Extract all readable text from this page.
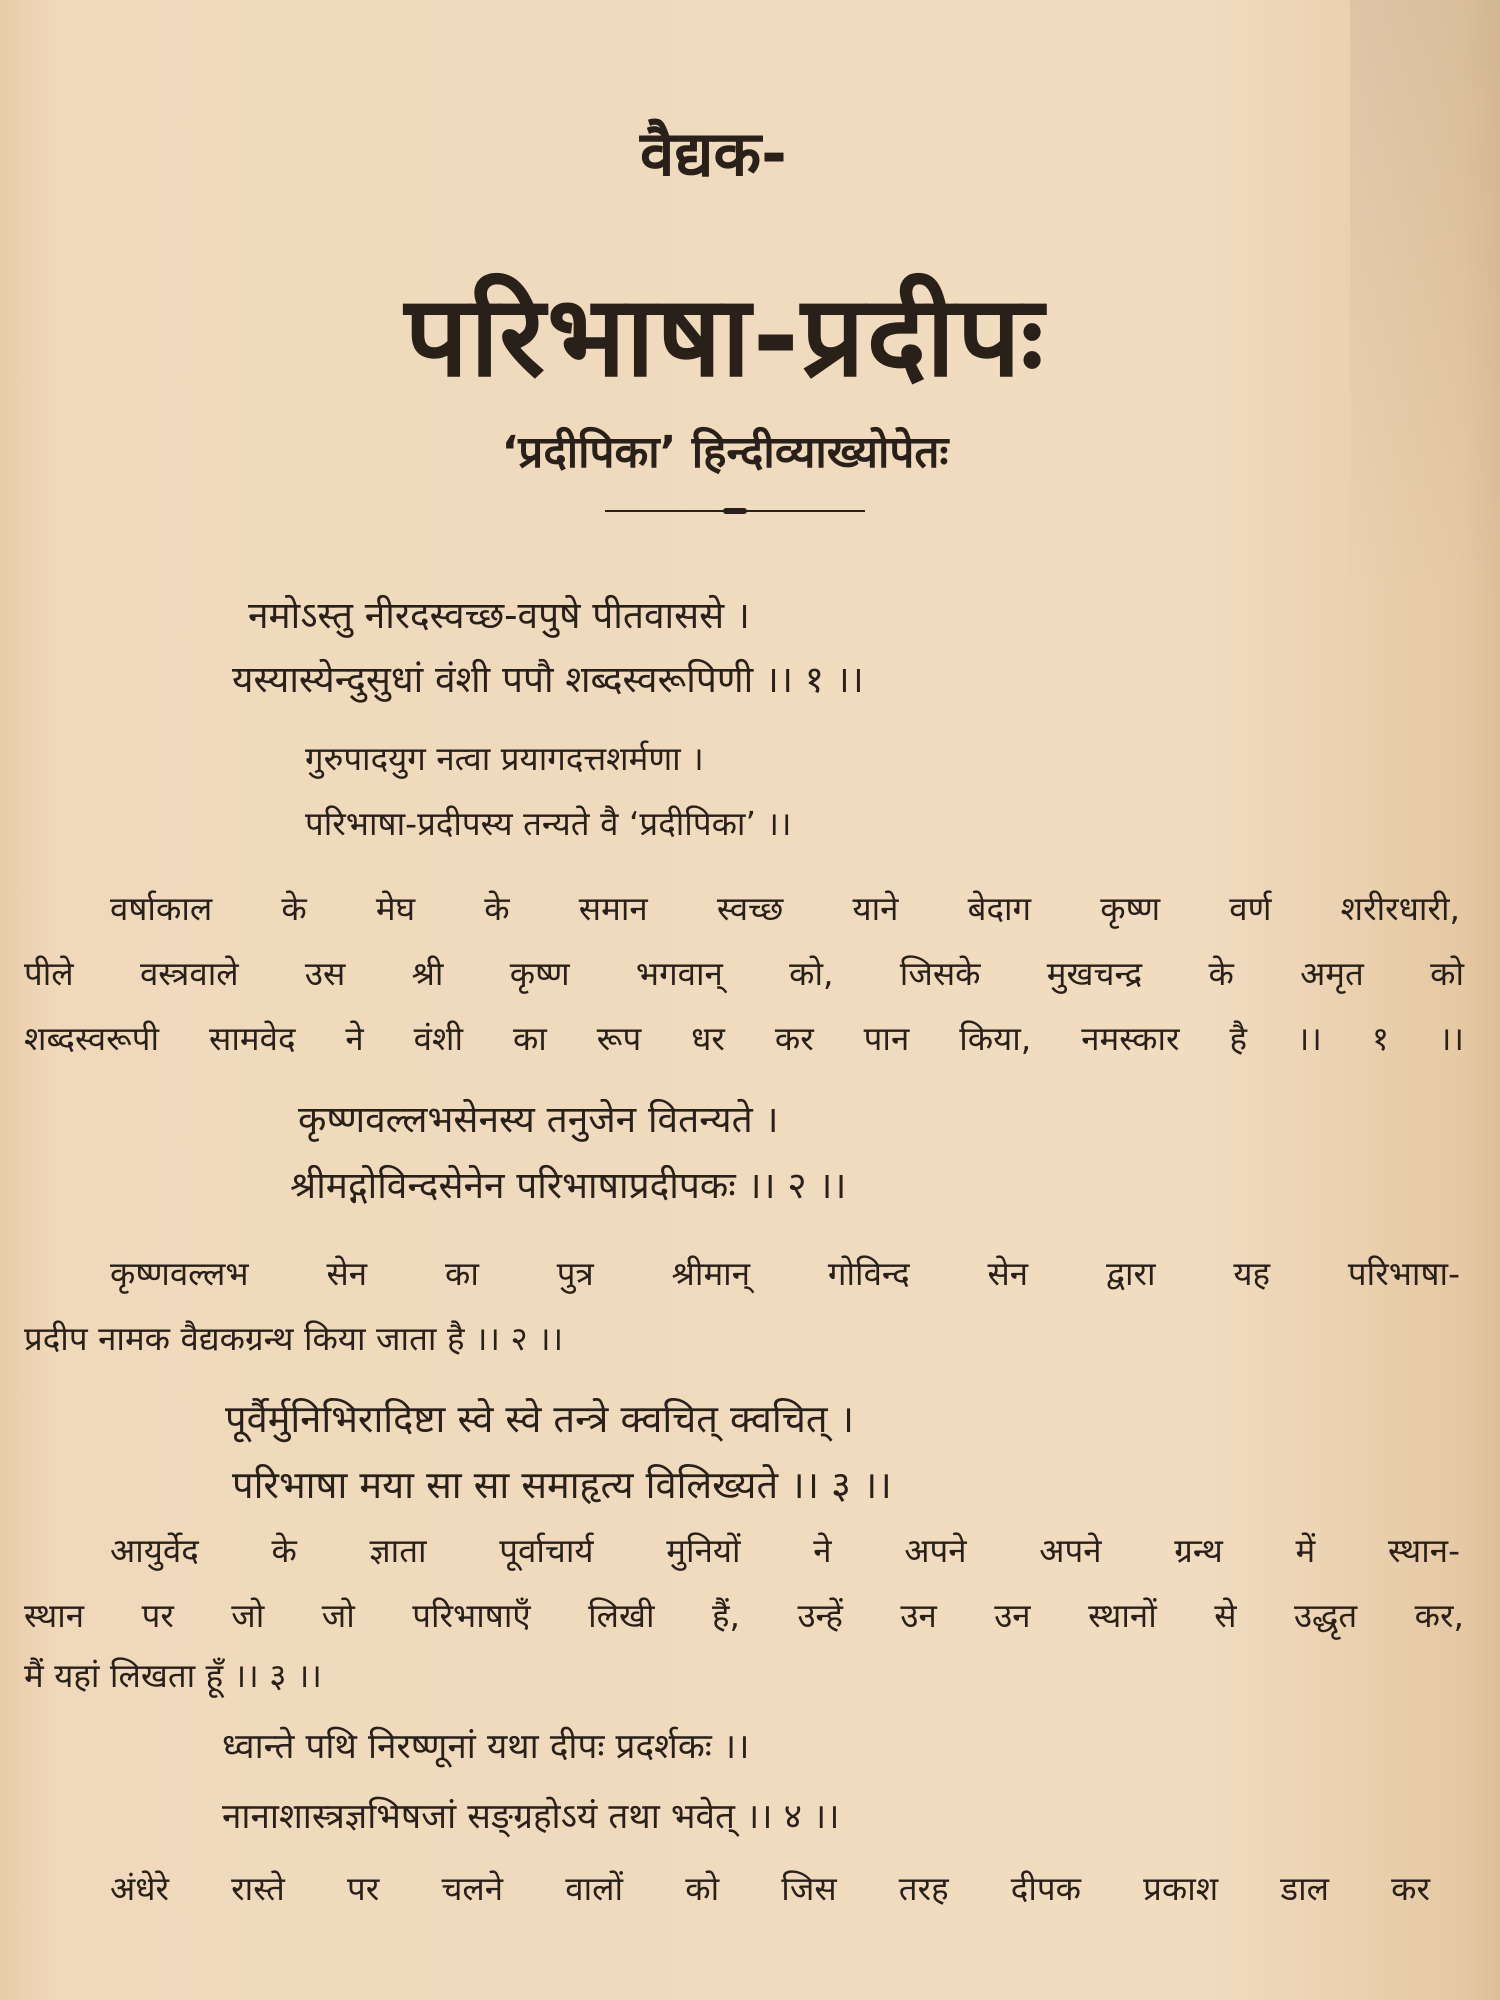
वैद्यक-
परिभाषा-प्रदीपः
‘प्रदीपिका’ हिन्दीव्याख्योपेतः
नमोऽस्तु नीरदस्वच्छ-वपुषे पीतवाससे ।
यस्यास्येन्दुसुधां वंशी पपौ शब्दस्वरूपिणी ।। १ ।।
गुरुपादयुग नत्वा प्रयागदत्तशर्मणा ।
परिभाषा-प्रदीपस्य तन्यते वै ‘प्रदीपिका’ ।।
वर्षाकाल के मेघ के समान स्वच्छ याने बेदाग कृष्ण वर्ण शरीरधारी,
पीले वस्त्रवाले उस श्री कृष्ण भगवान् को, जिसके मुखचन्द्र के अमृत को
शब्दस्वरूपी सामवेद ने वंशी का रूप धर कर पान किया, नमस्कार है ।। १ ।।
कृष्णवल्लभसेनस्य तनुजेन वितन्यते ।
श्रीमद्गोविन्दसेनेन परिभाषाप्रदीपकः ।। २ ।।
कृष्णवल्लभ सेन का पुत्र श्रीमान् गोविन्द सेन द्वारा यह परिभाषा-
प्रदीप नामक वैद्यकग्रन्थ किया जाता है ।। २ ।।
पूर्वैर्मुनिभिरादिष्टा स्वे स्वे तन्त्रे क्वचित् क्वचित् ।
परिभाषा मया सा सा समाहृत्य विलिख्यते ।। ३ ।।
आयुर्वेद के ज्ञाता पूर्वाचार्य मुनियों ने अपने अपने ग्रन्थ में स्थान-
स्थान पर जो जो परिभाषाएँ लिखी हैं, उन्हें उन उन स्थानों से उद्धृत कर,
मैं यहां लिखता हूँ ।। ३ ।।
ध्वान्ते पथि निरष्णूनां यथा दीपः प्रदर्शकः ।।
नानाशास्त्रज्ञभिषजां सङ्ग्रहोऽयं तथा भवेत् ।। ४ ।।
अंधेरे रास्ते पर चलने वालों को जिस तरह दीपक प्रकाश डाल कर
